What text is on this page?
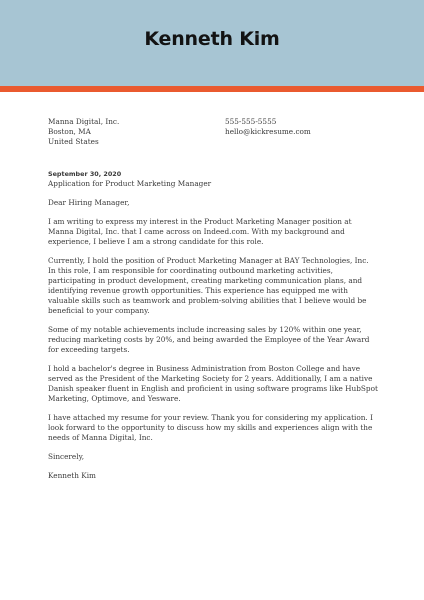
Kenneth Kim
Manna Digital, Inc.
Boston, MA
United States
555-555-5555
hello@kickresume.com

September 30, 2020

Application for Product Marketing Manager

Dear Hiring Manager,

I am writing to express my interest in the Product Marketing Manager position at Manna Digital, Inc. that I came across on Indeed.com. With my background and experience, I believe I am a strong candidate for this role.

Currently, I hold the position of Product Marketing Manager at BAY Technologies, Inc. In this role, I am responsible for coordinating outbound marketing activities, participating in product development, creating marketing communication plans, and identifying revenue growth opportunities. This experience has equipped me with valuable skills such as teamwork and problem-solving abilities that I believe would be beneficial to your company.

Some of my notable achievements include increasing sales by 120% within one year, reducing marketing costs by 20%, and being awarded the Employee of the Year Award for exceeding targets.

I hold a bachelor's degree in Business Administration from Boston College and have served as the President of the Marketing Society for 2 years. Additionally, I am a native Danish speaker fluent in English and proficient in using software programs like HubSpot Marketing, Optimove, and Yesware.

I have attached my resume for your review. Thank you for considering my application. I look forward to the opportunity to discuss how my skills and experiences align with the needs of Manna Digital, Inc.

Sincerely,

Kenneth Kim
